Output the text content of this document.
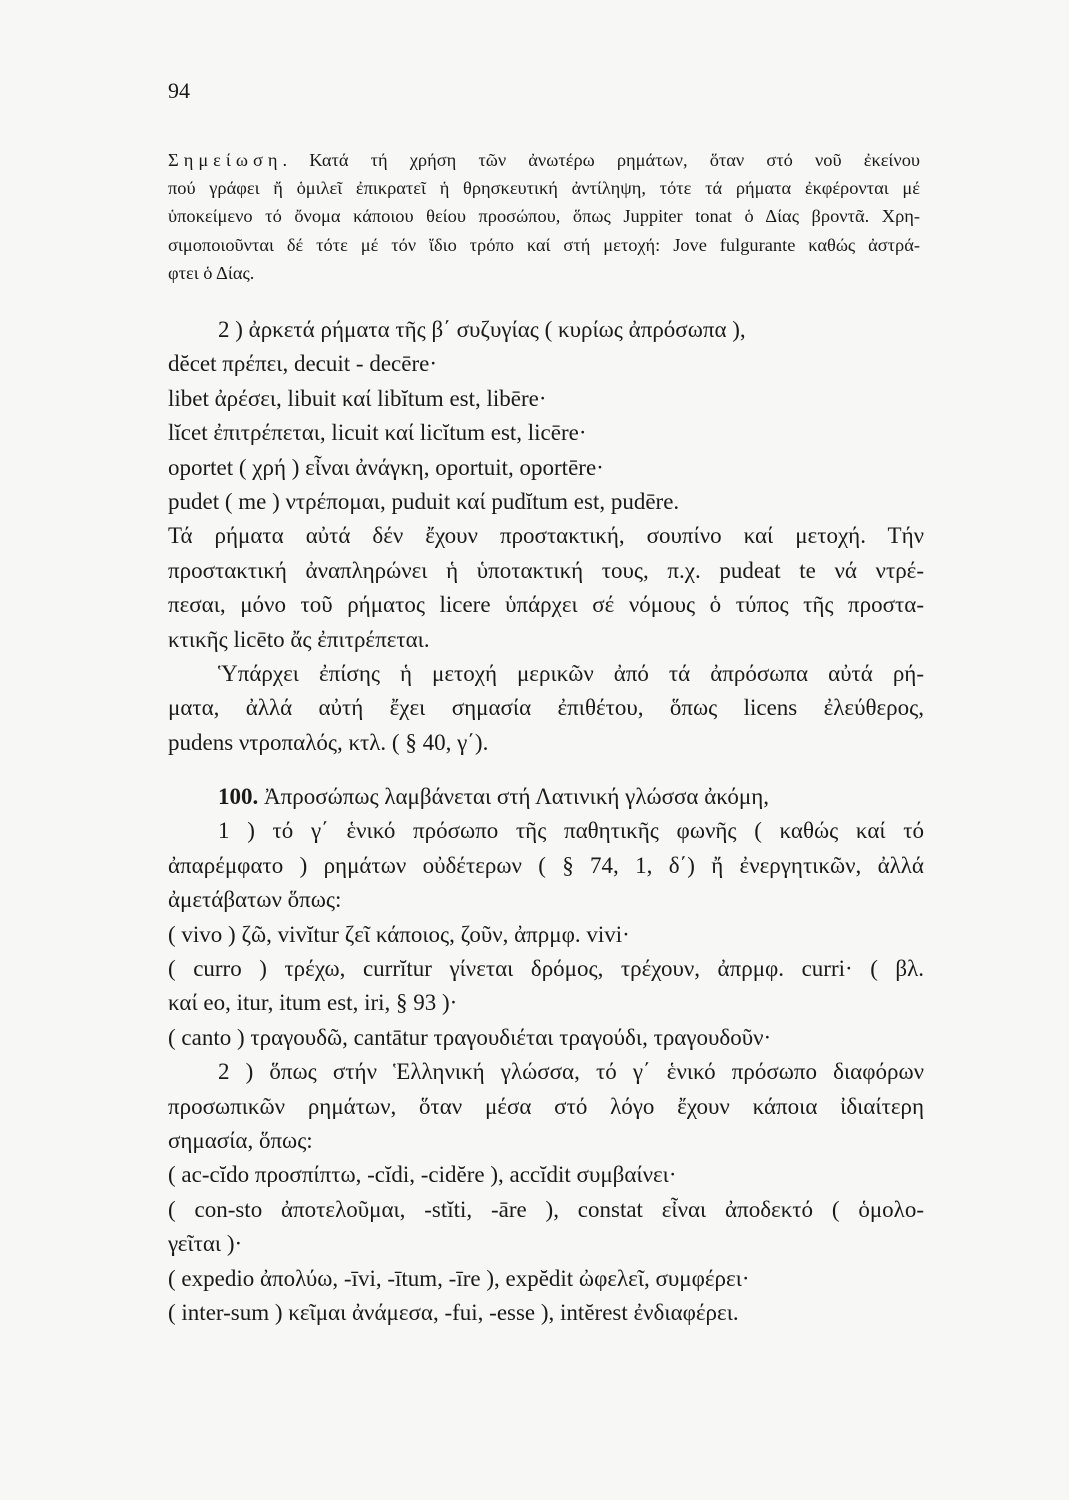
94
Σημείωση. Κατά τή χρήση τῶν ἀνωτέρω ρημάτων, ὅταν στό νοῦ ἐκείνου
πού γράφει ἤ ὁμιλεῖ ἐπικρατεῖ ἡ θρησκευτική ἀντίληψη, τότε τά ρήματα ἐκφέρονται μέ
ὑποκείμενο τό ὄνομα κάποιου θείου προσώπου, ὅπως Juppiter tonat ὁ Δίας βροντᾶ. Χρη-
σιμοποιοῦνται δέ τότε μέ τόν ἴδιο τρόπο καί στή μετοχή: Jove fulgurante καθώς ἀστρά-
φτει ὁ Δίας.
2 ) ἀρκετά ρήματα τῆς β΄ συζυγίας ( κυρίως ἀπρόσωπα ),
dĕcet πρέπει, decuit - decēre·
libet ἀρέσει, libuit καί libĭtum est, libēre·
lĭcet ἐπιτρέπεται, licuit καί licĭtum est, licēre·
oportet ( χρή ) εἶναι ἀνάγκη, oportuit, oportēre·
pudet ( me ) ντρέπομαι, puduit καί pudĭtum est, pudēre.
Τά ρήματα αὐτά δέν ἔχουν προστακτική, σουπίνο καί μετοχή. Τήν
προστακτική ἀναπληρώνει ἡ ὑποτακτική τους, π.χ. pudeat te νά ντρέ-
πεσαι, μόνο τοῦ ρήματος licere ὑπάρχει σέ νόμους ὁ τύπος τῆς προστα-
κτικῆς licēto ἄς ἐπιτρέπεται.
Ὑπάρχει ἐπίσης ἡ μετοχή μερικῶν ἀπό τά ἀπρόσωπα αὐτά ρή-
ματα, ἀλλά αὐτή ἔχει σημασία ἐπιθέτου, ὅπως licens ἐλεύθερος,
pudens ντροπαλός, κτλ. ( § 40, γ΄).
100. Ἀπροσώπως λαμβάνεται στή Λατινική γλώσσα ἀκόμη,
1 ) τό γ΄ ἑνικό πρόσωπο τῆς παθητικῆς φωνῆς ( καθώς καί τό
ἀπαρέμφατο ) ρημάτων οὐδέτερων ( § 74, 1, δ΄) ἤ ἐνεργητικῶν, ἀλλά
ἀμετάβατων ὅπως:
( vivo ) ζῶ, vivĭtur ζεῖ κάποιος, ζοῦν, ἀπρμφ. vivi·
( curro ) τρέχω, currĭtur γίνεται δρόμος, τρέχουν, ἀπρμφ. curri· ( βλ.
καί eo, itur, itum est, iri, § 93 )·
( canto ) τραγουδῶ, cantātur τραγουδιέται τραγούδι, τραγουδοῦν·
2 ) ὅπως στήν Ἑλληνική γλώσσα, τό γ΄ ἑνικό πρόσωπο διαφόρων
προσωπικῶν ρημάτων, ὅταν μέσα στό λόγο ἔχουν κάποια ἰδιαίτερη
σημασία, ὅπως:
( ac-cĭdo προσπίπτω, -cĭdi, -cidĕre ), accĭdit συμβαίνει·
( con-sto ἀποτελοῦμαι, -stĭti, -āre ), constat εἶναι ἀποδεκτό ( ὁμολο-
γεῖται )·
( expedio ἀπολύω, -īvi, -ītum, -īre ), expĕdit ὠφελεῖ, συμφέρει·
( inter-sum ) κεῖμαι ἀνάμεσα, -fui, -esse ), intĕrest ἐνδιαφέρει.
